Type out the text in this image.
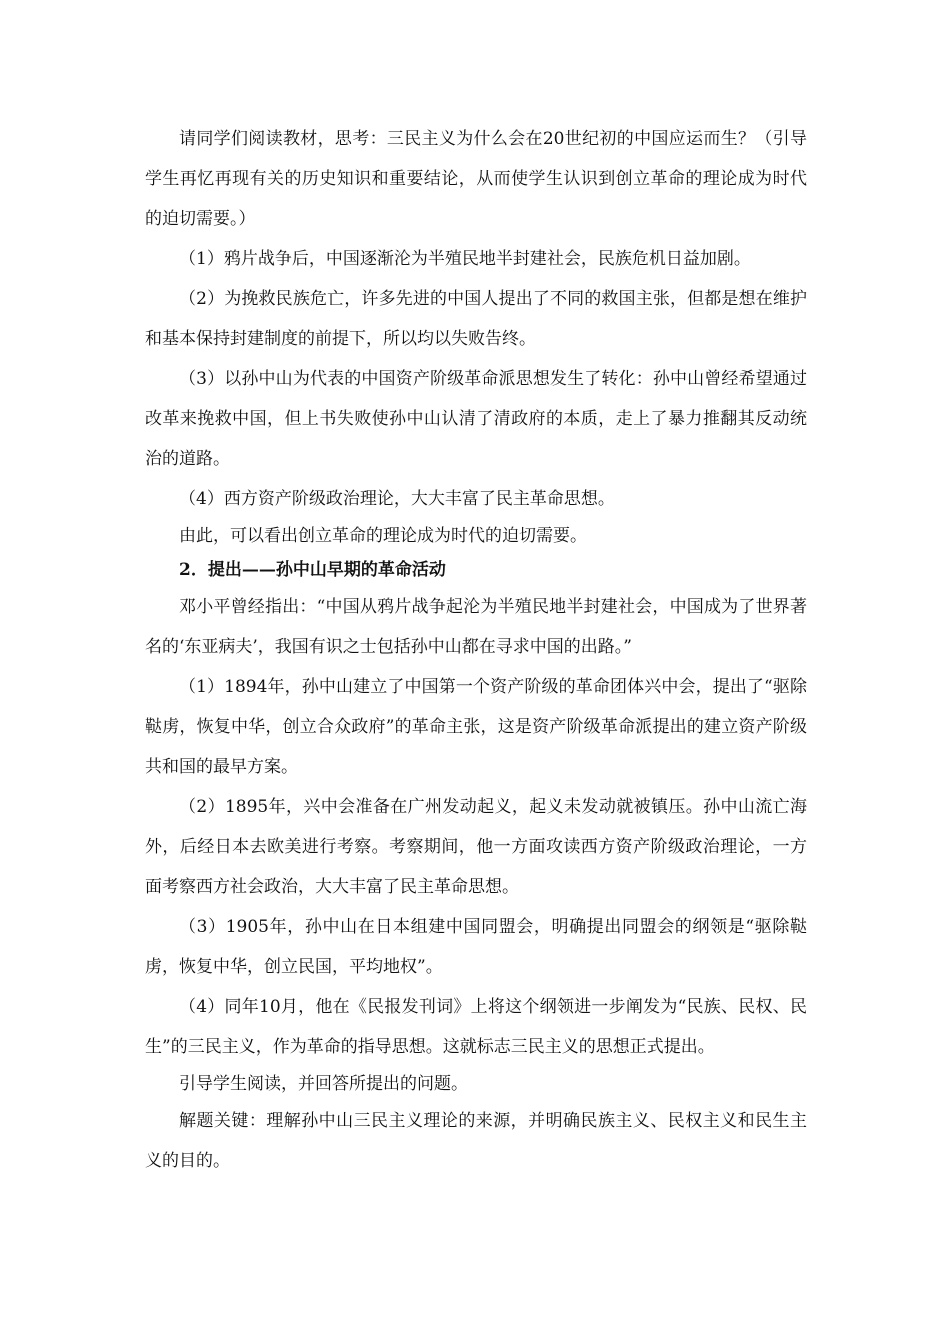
请同学们阅读教材，思考：三民主义为什么会在20世纪初的中国应运而生？（引导学生再忆再现有关的历史知识和重要结论，从而使学生认识到创立革命的理论成为时代的迫切需要。）

（1）鸦片战争后，中国逐渐沦为半殖民地半封建社会，民族危机日益加剧。

（2）为挽救民族危亡，许多先进的中国人提出了不同的救国主张，但都是想在维护和基本保持封建制度的前提下，所以均以失败告终。

（3）以孙中山为代表的中国资产阶级革命派思想发生了转化：孙中山曾经希望通过改革来挽救中国，但上书失败使孙中山认清了清政府的本质，走上了暴力推翻其反动统治的道路。

（4）西方资产阶级政治理论，大大丰富了民主革命思想。

由此，可以看出创立革命的理论成为时代的迫切需要。

2．提出——孙中山早期的革命活动

邓小平曾经指出：“中国从鸦片战争起沦为半殖民地半封建社会，中国成为了世界著名的‘东亚病夫’，我国有识之士包括孙中山都在寻求中国的出路。”

（1）1894年，孙中山建立了中国第一个资产阶级的革命团体兴中会，提出了“驱除鞑虏，恢复中华，创立合众政府”的革命主张，这是资产阶级革命派提出的建立资产阶级共和国的最早方案。

（2）1895年，兴中会准备在广州发动起义，起义未发动就被镇压。孙中山流亡海外，后经日本去欧美进行考察。考察期间，他一方面攻读西方资产阶级政治理论，一方面考察西方社会政治，大大丰富了民主革命思想。

（3）1905年，孙中山在日本组建中国同盟会，明确提出同盟会的纲领是“驱除鞑虏，恢复中华，创立民国，平均地权”。

（4）同年10月，他在《民报发刊词》上将这个纲领进一步阐发为“民族、民权、民生”的三民主义，作为革命的指导思想。这就标志三民主义的思想正式提出。

引导学生阅读，并回答所提出的问题。

解题关键：理解孙中山三民主义理论的来源，并明确民族主义、民权主义和民生主义的目的。
